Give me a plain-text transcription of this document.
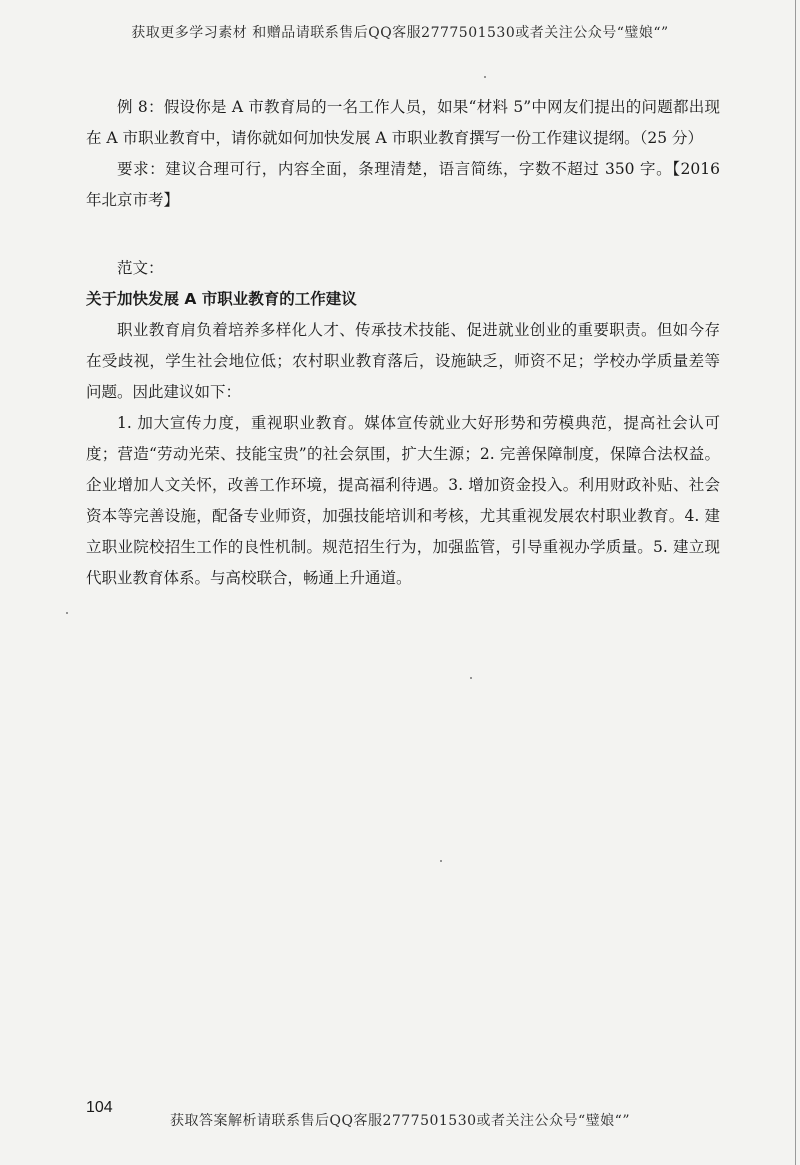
获取更多学习素材 和赠品请联系售后QQ客服2777501530或者关注公众号“璧娘“”

例 8：假设你是 A 市教育局的一名工作人员，如果“材料 5”中网友们提出的问题都出现在 A 市职业教育中，请你就如何加快发展 A 市职业教育撰写一份工作建议提纲。（25 分）

要求：建议合理可行，内容全面，条理清楚，语言简练，字数不超过 350 字。【2016 年北京市考】

范文：

关于加快发展 A 市职业教育的工作建议

职业教育肩负着培养多样化人才、传承技术技能、促进就业创业的重要职责。但如今存在受歧视，学生社会地位低；农村职业教育落后，设施缺乏，师资不足；学校办学质量差等问题。因此建议如下：

1. 加大宣传力度，重视职业教育。媒体宣传就业大好形势和劳模典范，提高社会认可度；营造“劳动光荣、技能宝贵”的社会氛围，扩大生源；2. 完善保障制度，保障合法权益。企业增加人文关怀，改善工作环境，提高福利待遇。3. 增加资金投入。利用财政补贴、社会资本等完善设施，配备专业师资，加强技能培训和考核，尤其重视发展农村职业教育。4. 建立职业院校招生工作的良性机制。规范招生行为，加强监管，引导重视办学质量。5. 建立现代职业教育体系。与高校联合，畅通上升通道。

104
获取答案解析请联系售后QQ客服2777501530或者关注公众号“璧娘“”
